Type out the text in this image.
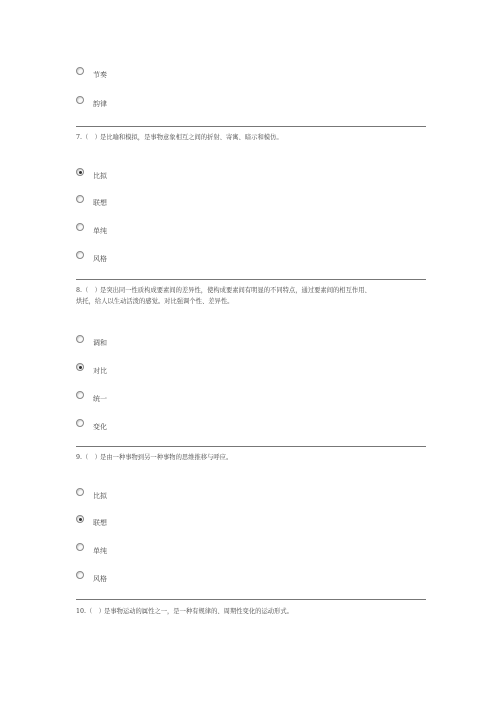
节奏
韵律
7.（　）是比喻和模拟，是事物意象相互之间的折射、寄寓、暗示和模仿。
比拟
联想
单纯
风格
8.（　）是突出同一性质构成要素间的差异性，使构成要素间有明显的不同特点，通过要素间的相互作用、
烘托，给人以生动活泼的感觉。对比强调个性、差异性。
调和
对比
统一
变化
9.（　）是由一种事物到另一种事物的思维推移与呼应。
比拟
联想
单纯
风格
10.（　）是事物运动的属性之一，是一种有规律的、周期性变化的运动形式。
